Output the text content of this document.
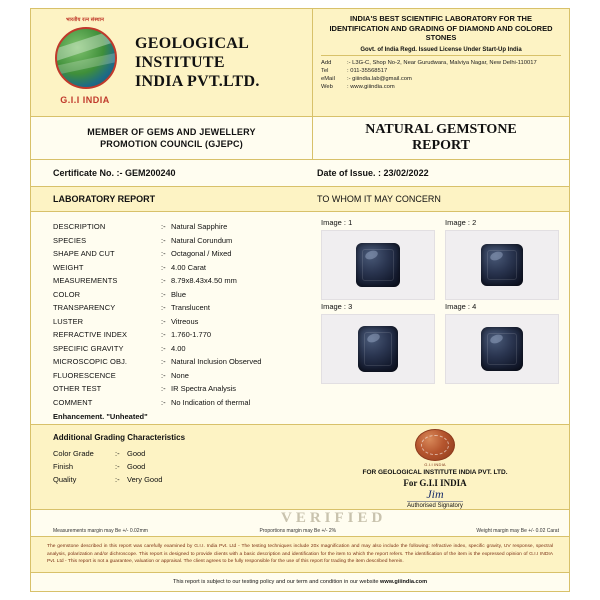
भारतीय रत्न संस्थान
G.I.I INDIA
GEOLOGICAL
INSTITUTE
INDIA PVT.LTD.
INDIA'S BEST SCIENTIFIC LABORATORY FOR THE IDENTIFICATION AND GRADING OF DIAMOND AND COLORED STONES
Govt. of India Regd. Issued License Under Start-Up India
Add	:- L3G-C, Shop No-2, Near Gurudwara, Malviya Nagar, New Delhi-110017
Tel	: 011-35568517
eMail :- giiindia.lab@gmail.com
Web : www.giiindia.com
MEMBER OF GEMS AND JEWELLERY
PROMOTION COUNCIL (GJEPC)
NATURAL GEMSTONE
REPORT
Certificate No. :- GEM200240	Date of Issue. : 23/02/2022
LABORATORY REPORT	TO WHOM IT MAY CONCERN
DESCRIPTION	:- Natural Sapphire
SPECIES	:- Natural Corundum
SHAPE AND CUT	:- Octagonal / Mixed
WEIGHT	:- 4.00 Carat
MEASUREMENTS	:- 8.79x8.43x4.50 mm
COLOR	:- Blue
TRANSPARENCY	:- Translucent
LUSTER	:- Vitreous
REFRACTIVE INDEX	:- 1.760-1.770
SPECIFIC GRAVITY	:- 4.00
MICROSCOPIC OBJ.	:- Natural Inclusion Observed
FLUORESCENCE	:- None
OTHER TEST	:- IR Spectra Analysis
COMMENT	:- No Indication of thermal
Enhancement. "Unheated"
Image : 1	Image : 2
Image : 3	Image : 4
Additional Grading Characteristics
Color Grade	:- Good
Finish	:- Good
Quality	:- Very Good
G.I.I INDIA
FOR GEOLOGICAL INSTITUTE INDIA PVT. LTD.
For G.I.I INDIA
Jim
Authorised Signatory
VERIFIED
Measurements margin may Be +/- 0.02mm	Proportions margin may Be +/- 2%	Weight margin may Be +/- 0.02 Carat
The gemstone described in this report was carefully examined by G.I.I. India Pvt. Ltd - The testing techniques include 20x magnification and may also include the following: refractive index, specific gravity, UV response, spectral analysis, polarization and/or dichroscope. This report is designed to provide clients with a basic description and identification for the item to which the report refers. The identification of the item is the expressed opinion of G.I.I INDIA Pvt. Ltd - This report is not a guarantee, valuation or appraisal. The client agrees to be fully responsible for the use of this report for trading the item described herein.
This report is subject to our testing policy and our term and condition in our website www.giiindia.com
